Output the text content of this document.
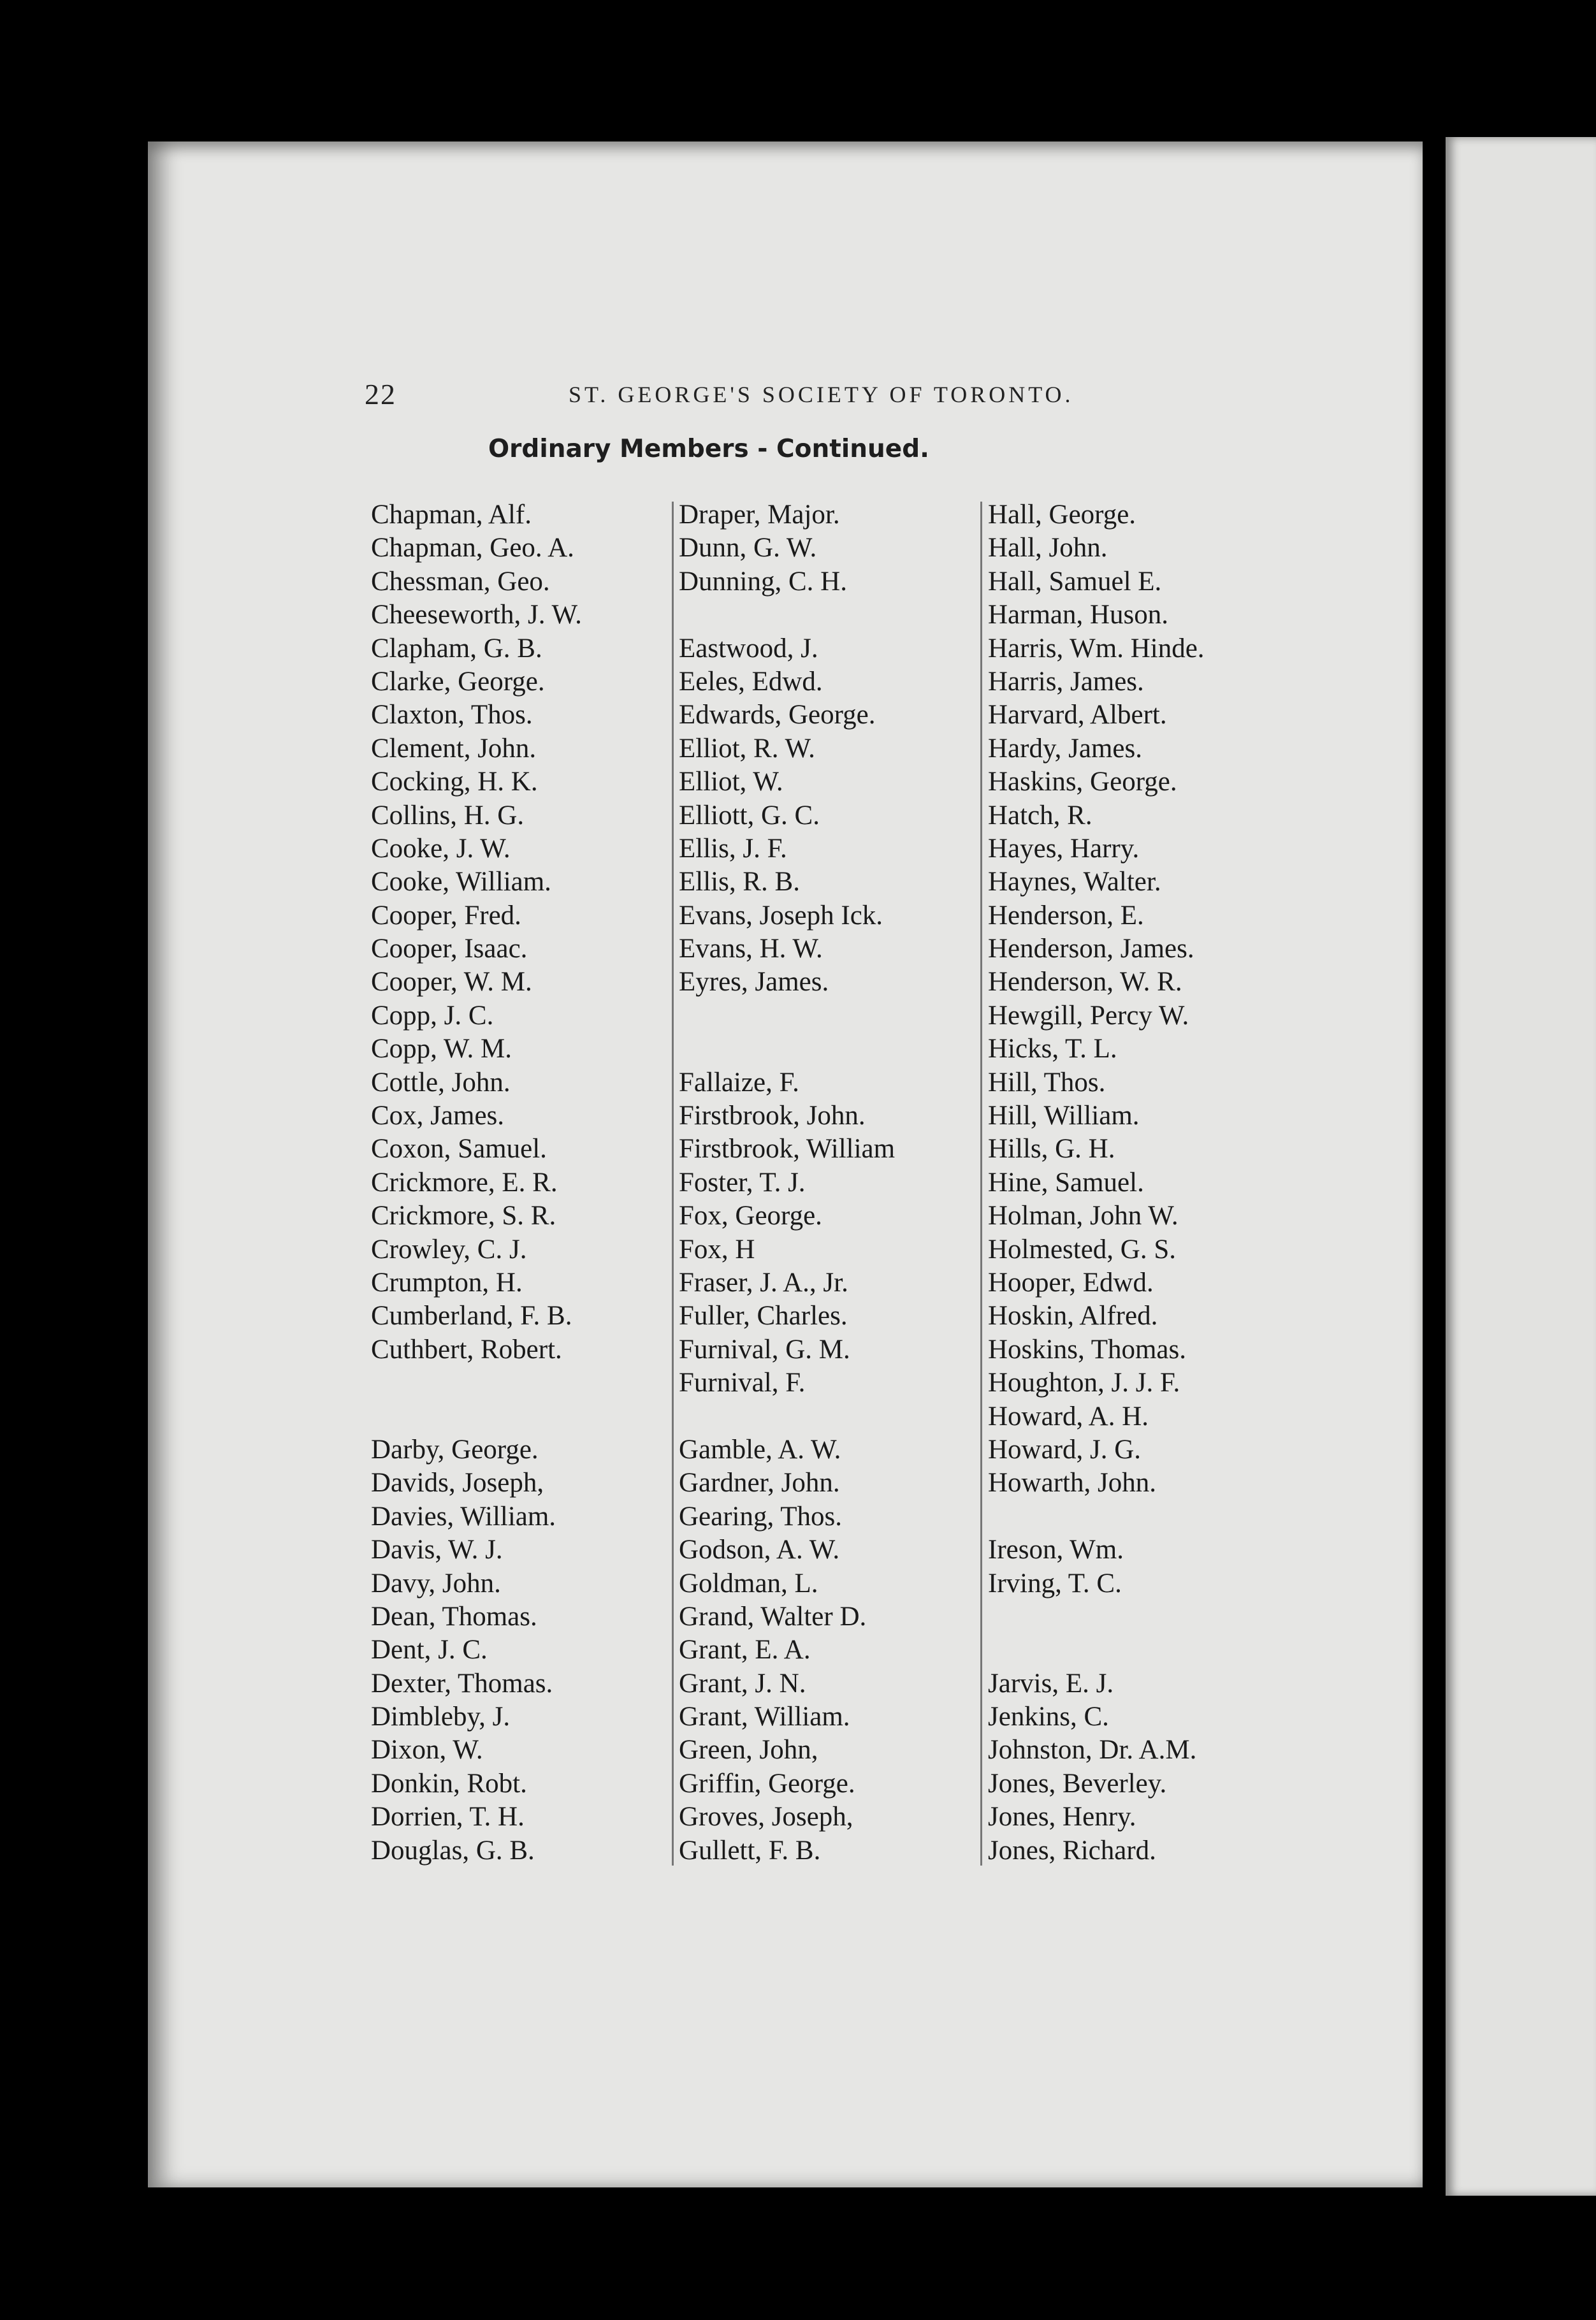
22	ST. GEORGE'S SOCIETY OF TORONTO.
Ordinary Members - Continued.
Chapman, Alf.
Chapman, Geo. A.
Chessman, Geo.
Cheeseworth, J. W.
Clapham, G. B.
Clarke, George.
Claxton, Thos.
Clement, John.
Cocking, H. K.
Collins, H. G.
Cooke, J. W.
Cooke, William.
Cooper, Fred.
Cooper, Isaac.
Cooper, W. M.
Copp, J. C.
Copp, W. M.
Cottle, John.
Cox, James.
Coxon, Samuel.
Crickmore, E. R.
Crickmore, S. R.
Crowley, C. J.
Crumpton, H.
Cumberland, F. B.
Cuthbert, Robert.
Darby, George.
Davids, Joseph,
Davies, William.
Davis, W. J.
Davy, John.
Dean, Thomas.
Dent, J. C.
Dexter, Thomas.
Dimbleby, J.
Dixon, W.
Donkin, Robt.
Dorrien, T. H.
Douglas, G. B.
Draper, Major.
Dunn, G. W.
Dunning, C. H.
Eastwood, J.
Eeles, Edwd.
Edwards, George.
Elliot, R. W.
Elliot, W.
Elliott, G. C.
Ellis, J. F.
Ellis, R. B.
Evans, Joseph Ick.
Evans, H. W.
Eyres, James.
Fallaize, F.
Firstbrook, John.
Firstbrook, William
Foster, T. J.
Fox, George.
Fox, H
Fraser, J. A., Jr.
Fuller, Charles.
Furnival, G. M.
Furnival, F.
Gamble, A. W.
Gardner, John.
Gearing, Thos.
Godson, A. W.
Goldman, L.
Grand, Walter D.
Grant, E. A.
Grant, J. N.
Grant, William.
Green, John,
Griffin, George.
Groves, Joseph,
Gullett, F. B.
Hall, George.
Hall, John.
Hall, Samuel E.
Harman, Huson.
Harris, Wm. Hinde.
Harris, James.
Harvard, Albert.
Hardy, James.
Haskins, George.
Hatch, R.
Hayes, Harry.
Haynes, Walter.
Henderson, E.
Henderson, James.
Henderson, W. R.
Hewgill, Percy W.
Hicks, T. L.
Hill, Thos.
Hill, William.
Hills, G. H.
Hine, Samuel.
Holman, John W.
Holmested, G. S.
Hooper, Edwd.
Hoskin, Alfred.
Hoskins, Thomas.
Houghton, J. J. F.
Howard, A. H.
Howard, J. G.
Howarth, John.
Ireson, Wm.
Irving, T. C.
Jarvis, E. J.
Jenkins, C.
Johnston, Dr. A.M.
Jones, Beverley.
Jones, Henry.
Jones, Richard.
